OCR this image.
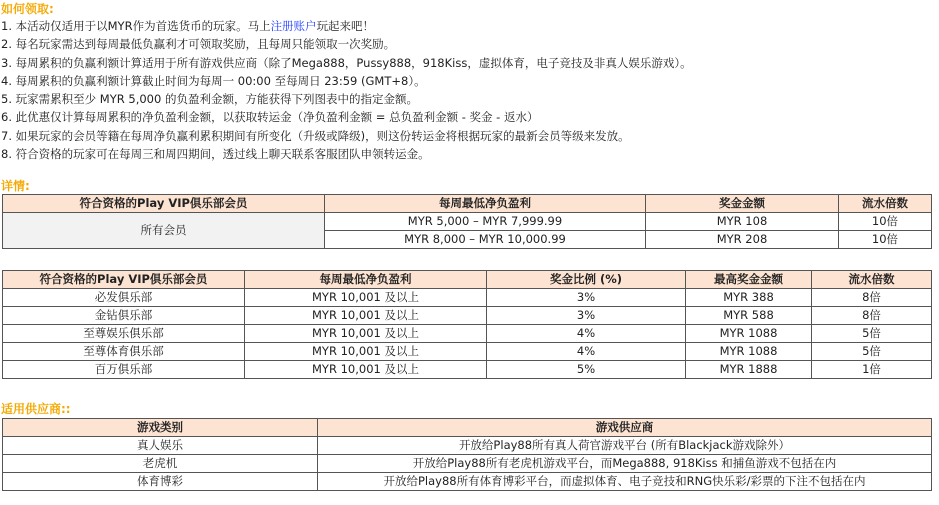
如何领取:
1. 本活动仅适用于以MYR作为首选货币的玩家。马上注册账户玩起来吧！
2. 每名玩家需达到每周最低负赢利才可领取奖励，且每周只能领取一次奖励。
3. 每周累积的负赢利额计算适用于所有游戏供应商（除了Mega888，Pussy888，918Kiss，虚拟体育，电子竞技及非真人娱乐游戏）。
4. 每周累积的负赢利额计算截止时间为每周一 00:00 至每周日 23:59 (GMT+8）。
5. 玩家需累积至少 MYR 5,000 的负盈利金额，方能获得下列图表中的指定金额。
6. 此优惠仅计算每周累积的净负盈利金额，以获取转运金（净负盈利金额 = 总负盈利金额 - 奖金 - 返水）
7. 如果玩家的会员等籍在每周净负赢利累积期间有所变化（升级或降级)，则这份转运金将根据玩家的最新会员等级来发放。
8. 符合资格的玩家可在每周三和周四期间，透过线上聊天联系客服团队申领转运金。
详情:
符合资格的Play VIP俱乐部会员	每周最低净负盈利	奖金金额	流水倍数
所有会员	MYR 5,000 – MYR 7,999.99	MYR 108	10倍
	MYR 8,000 – MYR 10,000.99	MYR 208	10倍
符合资格的Play VIP俱乐部会员	每周最低净负盈利	奖金比例 (%)	最高奖金金额	流水倍数
必发俱乐部	MYR 10,001 及以上	3%	MYR 388	8倍
金钻俱乐部	MYR 10,001 及以上	3%	MYR 588	8倍
至尊娱乐俱乐部	MYR 10,001 及以上	4%	MYR 1088	5倍
至尊体育俱乐部	MYR 10,001 及以上	4%	MYR 1088	5倍
百万俱乐部	MYR 10,001 及以上	5%	MYR 1888	1倍
适用供应商::
游戏类别	游戏供应商
真人娱乐	开放给Play88所有真人荷官游戏平台 (所有Blackjack游戏除外）
老虎机	开放给Play88所有老虎机游戏平台，而Mega888, 918Kiss 和捕鱼游戏不包括在内
体育博彩	开放给Play88所有体育博彩平台，而虚拟体育、电子竞技和RNG快乐彩/彩票的下注不包括在内
